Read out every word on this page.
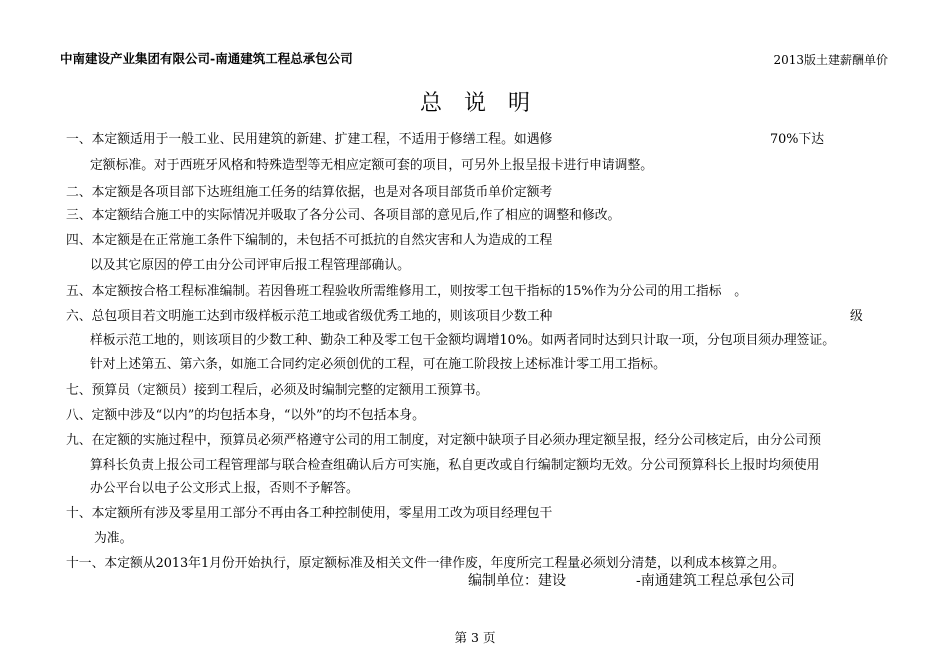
中南建设产业集团有限公司-南通建筑工程总承包公司	2013版土建薪酬单价
总　说　明
一、本定额适用于一般工业、民用建筑的新建、扩建工程，不适用于修缮工程。如遇修	70%下达
定额标准。对于西班牙风格和特殊造型等无相应定额可套的项目，可另外上报呈报卡进行申请调整。
二、本定额是各项目部下达班组施工任务的结算依据，也是对各项目部货币单价定额考
三、本定额结合施工中的实际情况并吸取了各分公司、各项目部的意见后,作了相应的调整和修改。
四、本定额是在正常施工条件下编制的，未包括不可抵抗的自然灾害和人为造成的工程
以及其它原因的停工由分公司评审后报工程管理部确认。
五、本定额按合格工程标准编制。若因鲁班工程验收所需维修用工，则按零工包干指标的15%作为分公司的用工指标　。
六、总包项目若文明施工达到市级样板示范工地或省级优秀工地的，则该项目少数工种	级
样板示范工地的，则该项目的少数工种、勤杂工种及零工包干金额均调增10%。如两者同时达到只计取一项，分包项目须办理签证。
针对上述第五、第六条，如施工合同约定必须创优的工程，可在施工阶段按上述标准计零工用工指标。
七、预算员（定额员）接到工程后，必须及时编制完整的定额用工预算书。
八、定额中涉及“以内”的均包括本身，“以外”的均不包括本身。
九、在定额的实施过程中，预算员必须严格遵守公司的用工制度，对定额中缺项子目必须办理定额呈报，经分公司核定后，由分公司预
算科长负责上报公司工程管理部与联合检查组确认后方可实施，私自更改或自行编制定额均无效。分公司预算科长上报时均须使用
办公平台以电子公文形式上报，否则不予解答。
十、本定额所有涉及零星用工部分不再由各工种控制使用，零星用工改为项目经理包干
为准。
十一、本定额从2013年1月份开始执行，原定额标准及相关文件一律作废，年度所完工程量必须划分清楚，以利成本核算之用。
编制单位：建设	-南通建筑工程总承包公司
第 3 页
